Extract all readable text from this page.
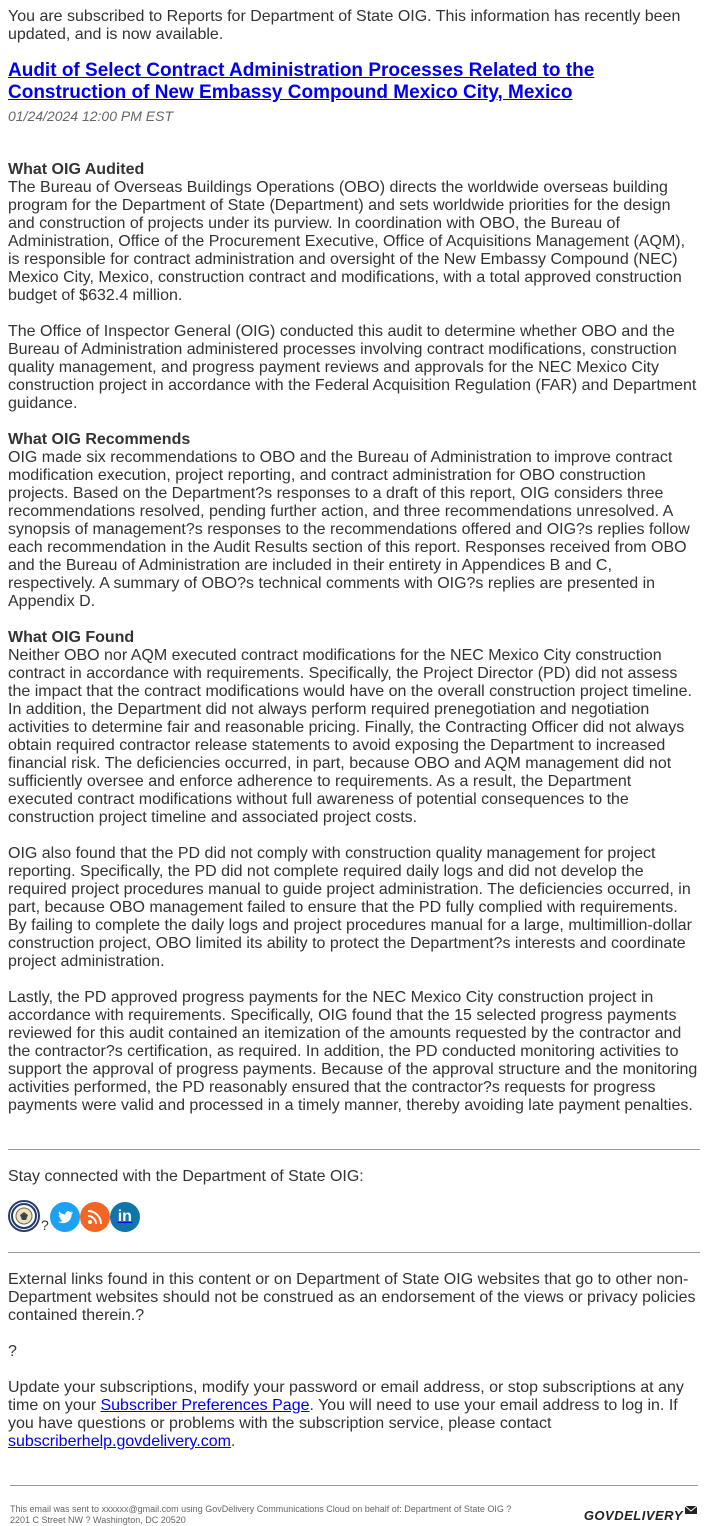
You are subscribed to Reports for Department of State OIG. This information has recently been updated, and is now available.

Audit of Select Contract Administration Processes Related to the Construction of New Embassy Compound Mexico City, Mexico
01/24/2024 12:00 PM EST
What OIG Audited

The Bureau of Overseas Buildings Operations (OBO) directs the worldwide overseas building program for the Department of State (Department) and sets worldwide priorities for the design and construction of projects under its purview. In coordination with OBO, the Bureau of Administration, Office of the Procurement Executive, Office of Acquisitions Management (AQM), is responsible for contract administration and oversight of the New Embassy Compound (NEC) Mexico City, Mexico, construction contract and modifications, with a total approved construction budget of $632.4 million.

The Office of Inspector General (OIG) conducted this audit to determine whether OBO and the Bureau of Administration administered processes involving contract modifications, construction quality management, and progress payment reviews and approvals for the NEC Mexico City construction project in accordance with the Federal Acquisition Regulation (FAR) and Department guidance.

What OIG Recommends

OIG made six recommendations to OBO and the Bureau of Administration to improve contract modification execution, project reporting, and contract administration for OBO construction projects. Based on the Department?s responses to a draft of this report, OIG considers three recommendations resolved, pending further action, and three recommendations unresolved. A synopsis of management?s responses to the recommendations offered and OIG?s replies follow each recommendation in the Audit Results section of this report. Responses received from OBO and the Bureau of Administration are included in their entirety in Appendices B and C, respectively. A summary of OBO?s technical comments with OIG?s replies are presented in Appendix D.

What OIG Found

Neither OBO nor AQM executed contract modifications for the NEC Mexico City construction contract in accordance with requirements. Specifically, the Project Director (PD) did not assess the impact that the contract modifications would have on the overall construction project timeline. In addition, the Department did not always perform required prenegotiation and negotiation activities to determine fair and reasonable pricing. Finally, the Contracting Officer did not always obtain required contractor release statements to avoid exposing the Department to increased financial risk. The deficiencies occurred, in part, because OBO and AQM management did not sufficiently oversee and enforce adherence to requirements. As a result, the Department executed contract modifications without full awareness of potential consequences to the construction project timeline and associated project costs.

OIG also found that the PD did not comply with construction quality management for project reporting. Specifically, the PD did not complete required daily logs and did not develop the required project procedures manual to guide project administration. The deficiencies occurred, in part, because OBO management failed to ensure that the PD fully complied with requirements. By failing to complete the daily logs and project procedures manual for a large, multimillion-dollar construction project, OBO limited its ability to protect the Department?s interests and coordinate project administration.

Lastly, the PD approved progress payments for the NEC Mexico City construction project in accordance with requirements. Specifically, OIG found that the 15 selected progress payments reviewed for this audit contained an itemization of the amounts requested by the contractor and the contractor?s certification, as required. In addition, the PD conducted monitoring activities to support the approval of progress payments. Because of the approval structure and the monitoring activities performed, the PD reasonably ensured that the contractor?s requests for progress payments were valid and processed in a timely manner, thereby avoiding late payment penalties.

Stay connected with the Department of State OIG:

?	in

External links found in this content or on Department of State OIG websites that go to other non-Department websites should not be construed as an endorsement of the views or privacy policies contained therein.?

?

Update your subscriptions, modify your password or email address, or stop subscriptions at any time on your Subscriber Preferences Page. You will need to use your email address to log in. If you have questions or problems with the subscription service, please contact subscriberhelp.govdelivery.com.

This email was sent to xxxxxx@gmail.com using GovDelivery Communications Cloud on behalf of: Department of State OIG ?
2201 C Street NW ? Washington, DC 20520	GOVDELIVERY
